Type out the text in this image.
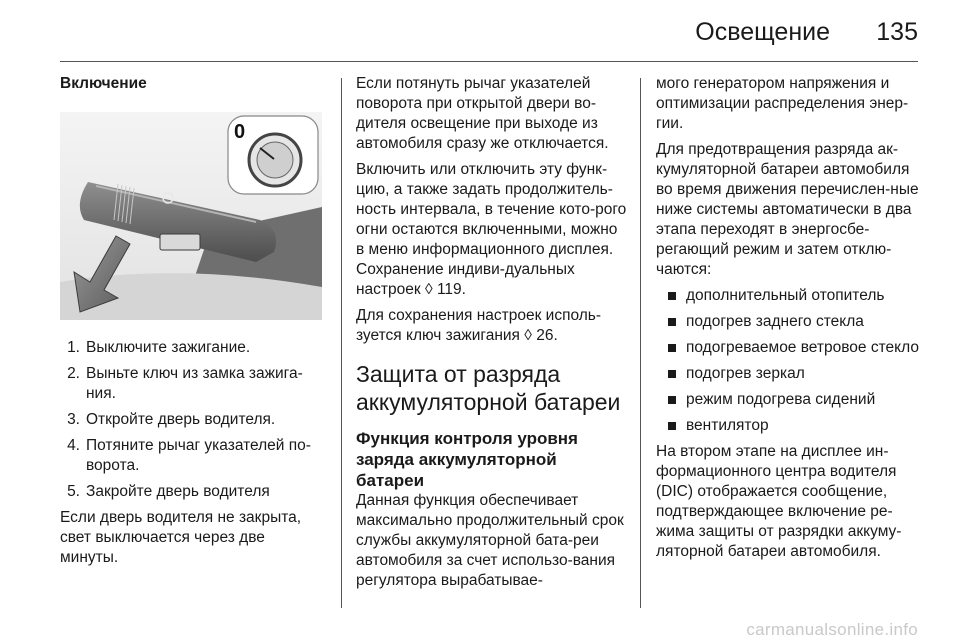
Освещение 135
Включение
0
1. Выключите зажигание.
2. Выньте ключ из замка зажига-ния.
3. Откройте дверь водителя.
4. Потяните рычаг указателей по-ворота.
5. Закройте дверь водителя

Если дверь водителя не закрыта, свет выключается через две минуты.

Если потянуть рычаг указателей поворота при открытой двери во-дителя освещение при выходе из автомобиля сразу же отключается.

Включить или отключить эту функ-цию, а также задать продолжитель-ность интервала, в течение кото-рого огни остаются включенными, можно в меню информационного дисплея. Сохранение индиви-дуальных настроек ◊ 119.

Для сохранения настроек исполь-зуется ключ зажигания ◊ 26.

Защита от разряда аккумуляторной батареи
Функция контроля уровня заряда аккумуляторной батареи

Данная функция обеспечивает максимально продолжительный срок службы аккумуляторной бата-реи автомобиля за счет использо-вания регулятора вырабатывае-

мого генератором напряжения и оптимизации распределения энер-гии.

Для предотвращения разряда ак-кумуляторной батареи автомобиля во время движения перечислен-ные ниже системы автоматически в два этапа переходят в энергосбе-регающий режим и затем отклю-чаются:

дополнительный отопитель
подогрев заднего стекла
подогреваемое ветровое стекло
подогрев зеркал
режим подогрева сидений
вентилятор

На втором этапе на дисплее ин-формационного центра водителя (DIC) отображается сообщение, подтверждающее включение ре-жима защиты от разрядки аккуму-ляторной батареи автомобиля.

carmanualsonline.info
